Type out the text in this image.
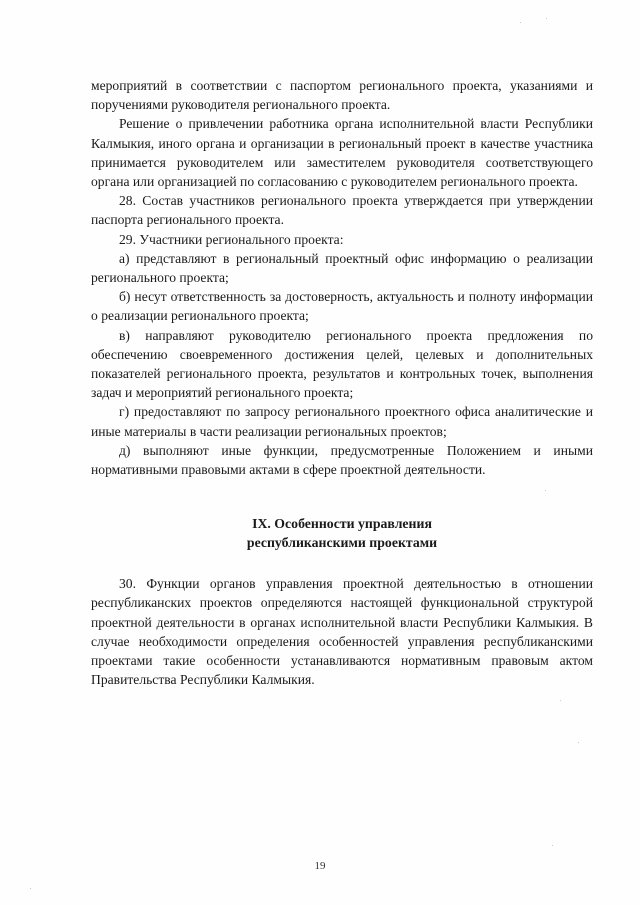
мероприятий в соответствии с паспортом регионального проекта, указаниями и поручениями руководителя регионального проекта.

Решение о привлечении работника органа исполнительной власти Республики Калмыкия, иного органа и организации в региональный проект в качестве участника принимается руководителем или заместителем руководителя соответствующего органа или организацией по согласованию с руководителем регионального проекта.

28. Состав участников регионального проекта утверждается при утверждении паспорта регионального проекта.

29. Участники регионального проекта:

а) представляют в региональный проектный офис информацию о реализации регионального проекта;

б) несут ответственность за достоверность, актуальность и полноту информации о реализации регионального проекта;

в) направляют руководителю регионального проекта предложения по обеспечению своевременного достижения целей, целевых и дополнительных показателей регионального проекта, результатов и контрольных точек, выполнения задач и мероприятий регионального проекта;

г) предоставляют по запросу регионального проектного офиса аналитические и иные материалы в части реализации региональных проектов;

д) выполняют иные функции, предусмотренные Положением и иными нормативными правовыми актами в сфере проектной деятельности.

IX. Особенности управления
республиканскими проектами

30. Функции органов управления проектной деятельностью в отношении республиканских проектов определяются настоящей функциональной структурой проектной деятельности в органах исполнительной власти Республики Калмыкия. В случае необходимости определения особенностей управления республиканскими проектами такие особенности устанавливаются нормативным правовым актом Правительства Республики Калмыкия.

19
